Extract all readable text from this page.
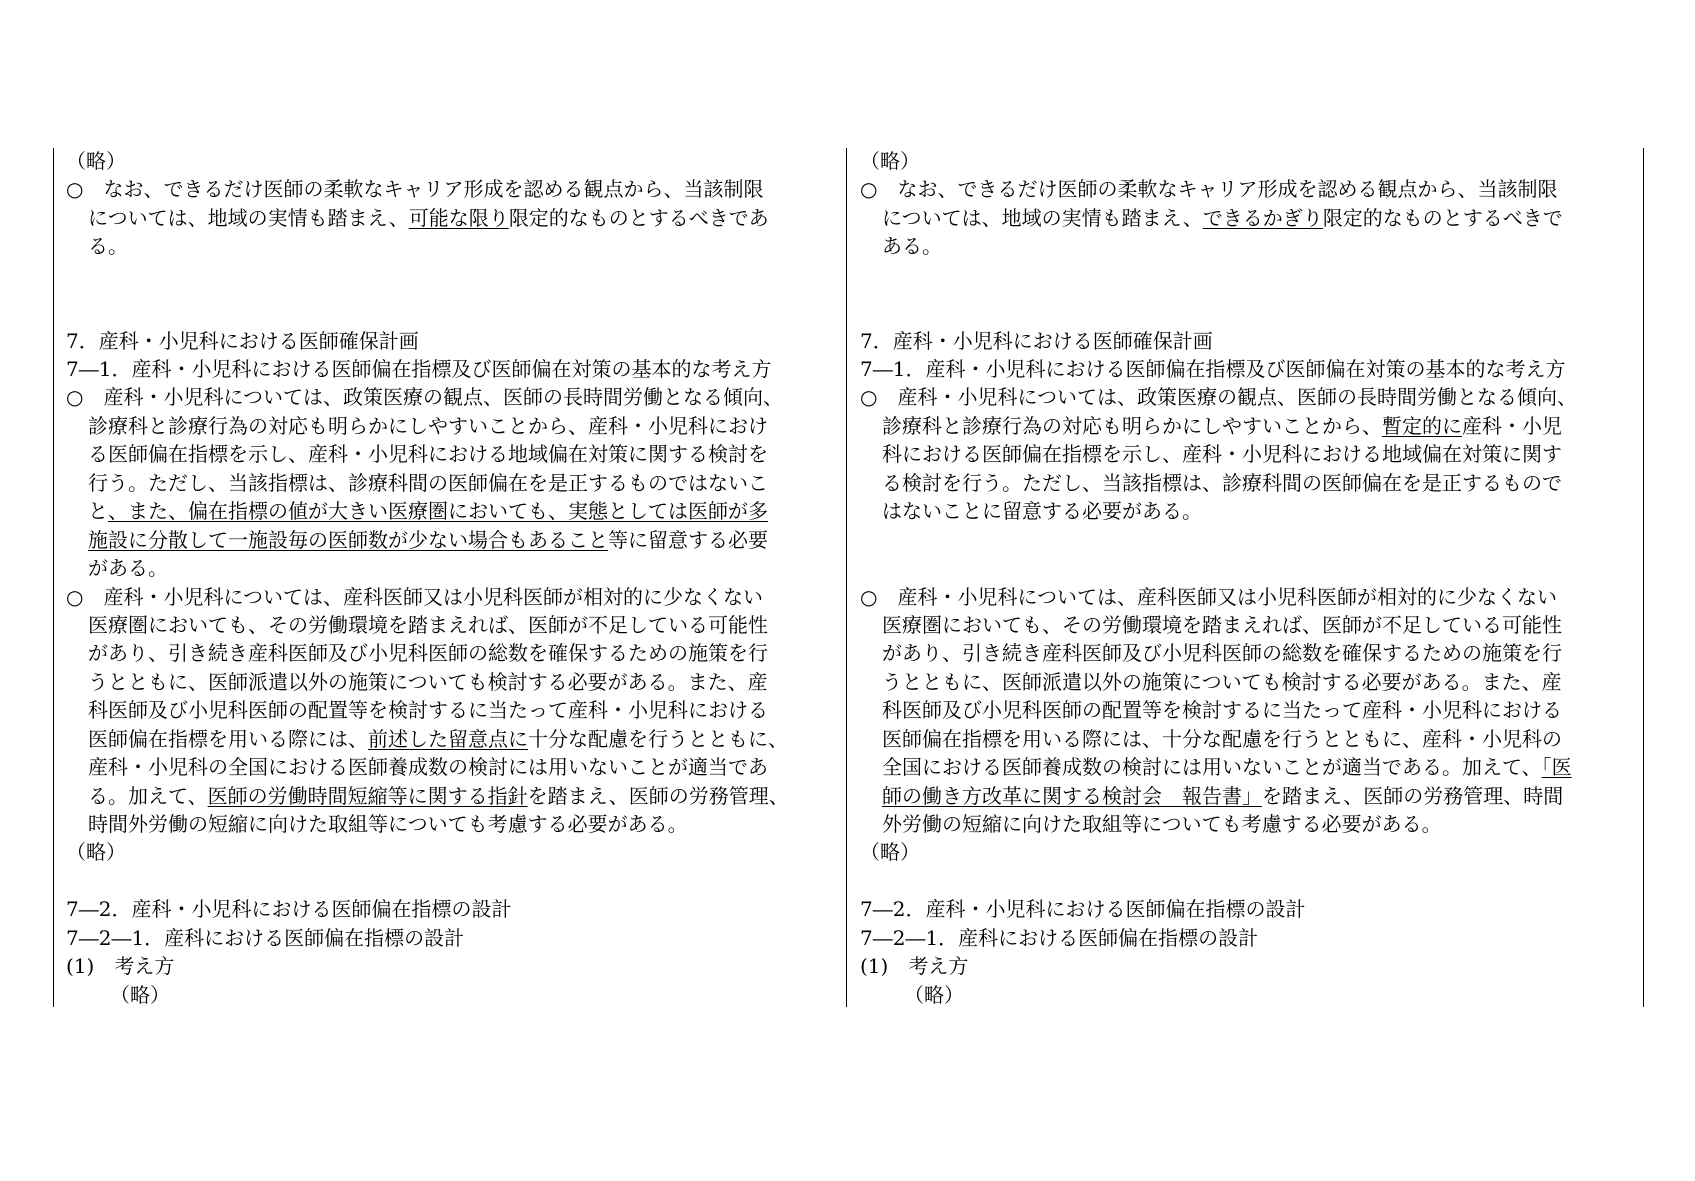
（略）
○　なお、できるだけ医師の柔軟なキャリア形成を認める観点から、当該制限
については、地域の実情も踏まえ、可能な限り限定的なものとするべきであ
る。
7．産科・小児科における医師確保計画
7―1．産科・小児科における医師偏在指標及び医師偏在対策の基本的な考え方
○　産科・小児科については、政策医療の観点、医師の長時間労働となる傾向、
診療科と診療行為の対応も明らかにしやすいことから、産科・小児科におけ
る医師偏在指標を示し、産科・小児科における地域偏在対策に関する検討を
行う。ただし、当該指標は、診療科間の医師偏在を是正するものではないこ
と、また、偏在指標の値が大きい医療圏においても、実態としては医師が多
施設に分散して一施設毎の医師数が少ない場合もあること等に留意する必要
がある。
○　産科・小児科については、産科医師又は小児科医師が相対的に少なくない
医療圏においても、その労働環境を踏まえれば、医師が不足している可能性
があり、引き続き産科医師及び小児科医師の総数を確保するための施策を行
うとともに、医師派遣以外の施策についても検討する必要がある。また、産
科医師及び小児科医師の配置等を検討するに当たって産科・小児科における
医師偏在指標を用いる際には、前述した留意点に十分な配慮を行うとともに、
産科・小児科の全国における医師養成数の検討には用いないことが適当であ
る。加えて、医師の労働時間短縮等に関する指針を踏まえ、医師の労務管理、
時間外労働の短縮に向けた取組等についても考慮する必要がある。
（略）
7―2．産科・小児科における医師偏在指標の設計
7―2―1．産科における医師偏在指標の設計
(1)　考え方
（略）
（略）
○　なお、できるだけ医師の柔軟なキャリア形成を認める観点から、当該制限
については、地域の実情も踏まえ、できるかぎり限定的なものとするべきで
ある。
7．産科・小児科における医師確保計画
7―1．産科・小児科における医師偏在指標及び医師偏在対策の基本的な考え方
○　産科・小児科については、政策医療の観点、医師の長時間労働となる傾向、
診療科と診療行為の対応も明らかにしやすいことから、暫定的に産科・小児
科における医師偏在指標を示し、産科・小児科における地域偏在対策に関す
る検討を行う。ただし、当該指標は、診療科間の医師偏在を是正するもので
はないことに留意する必要がある。
○　産科・小児科については、産科医師又は小児科医師が相対的に少なくない
医療圏においても、その労働環境を踏まえれば、医師が不足している可能性
があり、引き続き産科医師及び小児科医師の総数を確保するための施策を行
うとともに、医師派遣以外の施策についても検討する必要がある。また、産
科医師及び小児科医師の配置等を検討するに当たって産科・小児科における
医師偏在指標を用いる際には、十分な配慮を行うとともに、産科・小児科の
全国における医師養成数の検討には用いないことが適当である。加えて、「医
師の働き方改革に関する検討会　報告書」を踏まえ、医師の労務管理、時間
外労働の短縮に向けた取組等についても考慮する必要がある。
（略）
7―2．産科・小児科における医師偏在指標の設計
7―2―1．産科における医師偏在指標の設計
(1)　考え方
（略）
